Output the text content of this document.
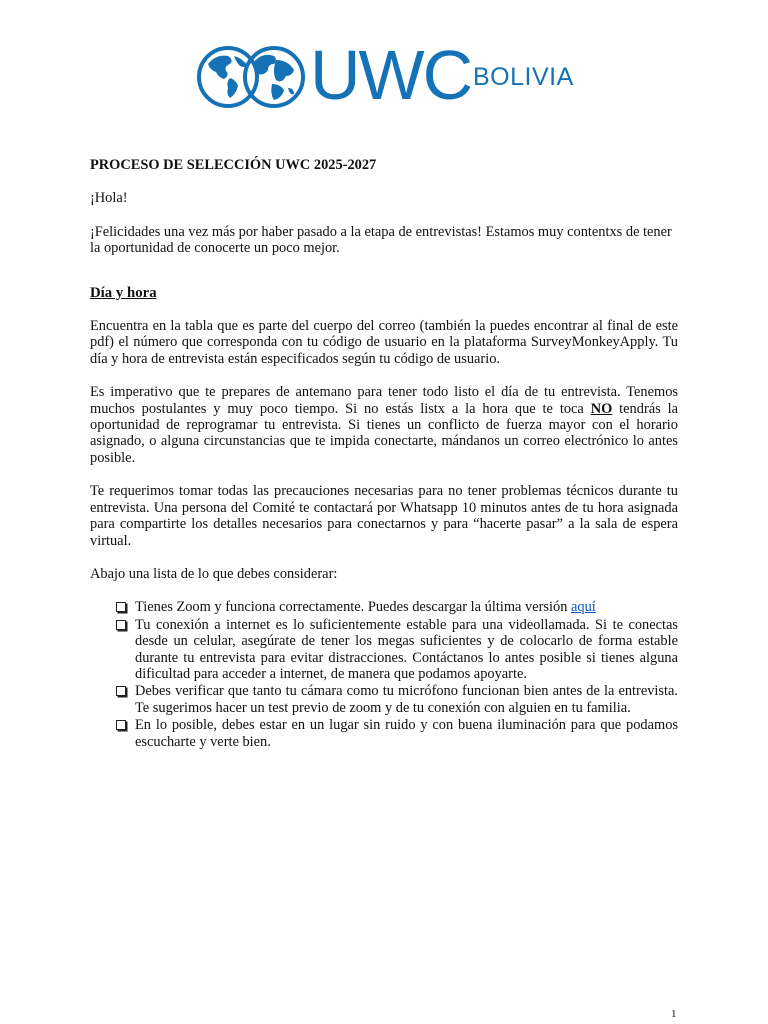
UWC BOLIVIA

PROCESO DE SELECCIÓN UWC 2025-2027

¡Hola!

¡Felicidades una vez más por haber pasado a la etapa de entrevistas! Estamos muy contentxs de tener la oportunidad de conocerte un poco mejor.

Día y hora

Encuentra en la tabla que es parte del cuerpo del correo (también la puedes encontrar al final de este pdf) el número que corresponda con tu código de usuario en la plataforma SurveyMonkeyApply. Tu día y hora de entrevista están especificados según tu código de usuario.

Es imperativo que te prepares de antemano para tener todo listo el día de tu entrevista. Tenemos muchos postulantes y muy poco tiempo. Si no estás listx a la hora que te toca NO tendrás la oportunidad de reprogramar tu entrevista. Si tienes un conflicto de fuerza mayor con el horario asignado, o alguna circunstancias que te impida conectarte, mándanos un correo electrónico lo antes posible.

Te requerimos tomar todas las precauciones necesarias para no tener problemas técnicos durante tu entrevista. Una persona del Comité te contactará por Whatsapp 10 minutos antes de tu hora asignada para compartirte los detalles necesarios para conectarnos y para “hacerte pasar” a la sala de espera virtual.

Abajo una lista de lo que debes considerar:

Tienes Zoom y funciona correctamente. Puedes descargar la última versión aquí
Tu conexión a internet es lo suficientemente estable para una videollamada. Si te conectas desde un celular, asegúrate de tener los megas suficientes y de colocarlo de forma estable durante tu entrevista para evitar distracciones. Contáctanos lo antes posible si tienes alguna dificultad para acceder a internet, de manera que podamos apoyarte.
Debes verificar que tanto tu cámara como tu micrófono funcionan bien antes de la entrevista. Te sugerimos hacer un test previo de zoom y de tu conexión con alguien en tu familia.
En lo posible, debes estar en un lugar sin ruido y con buena iluminación para que podamos escucharte y verte bien.
1
